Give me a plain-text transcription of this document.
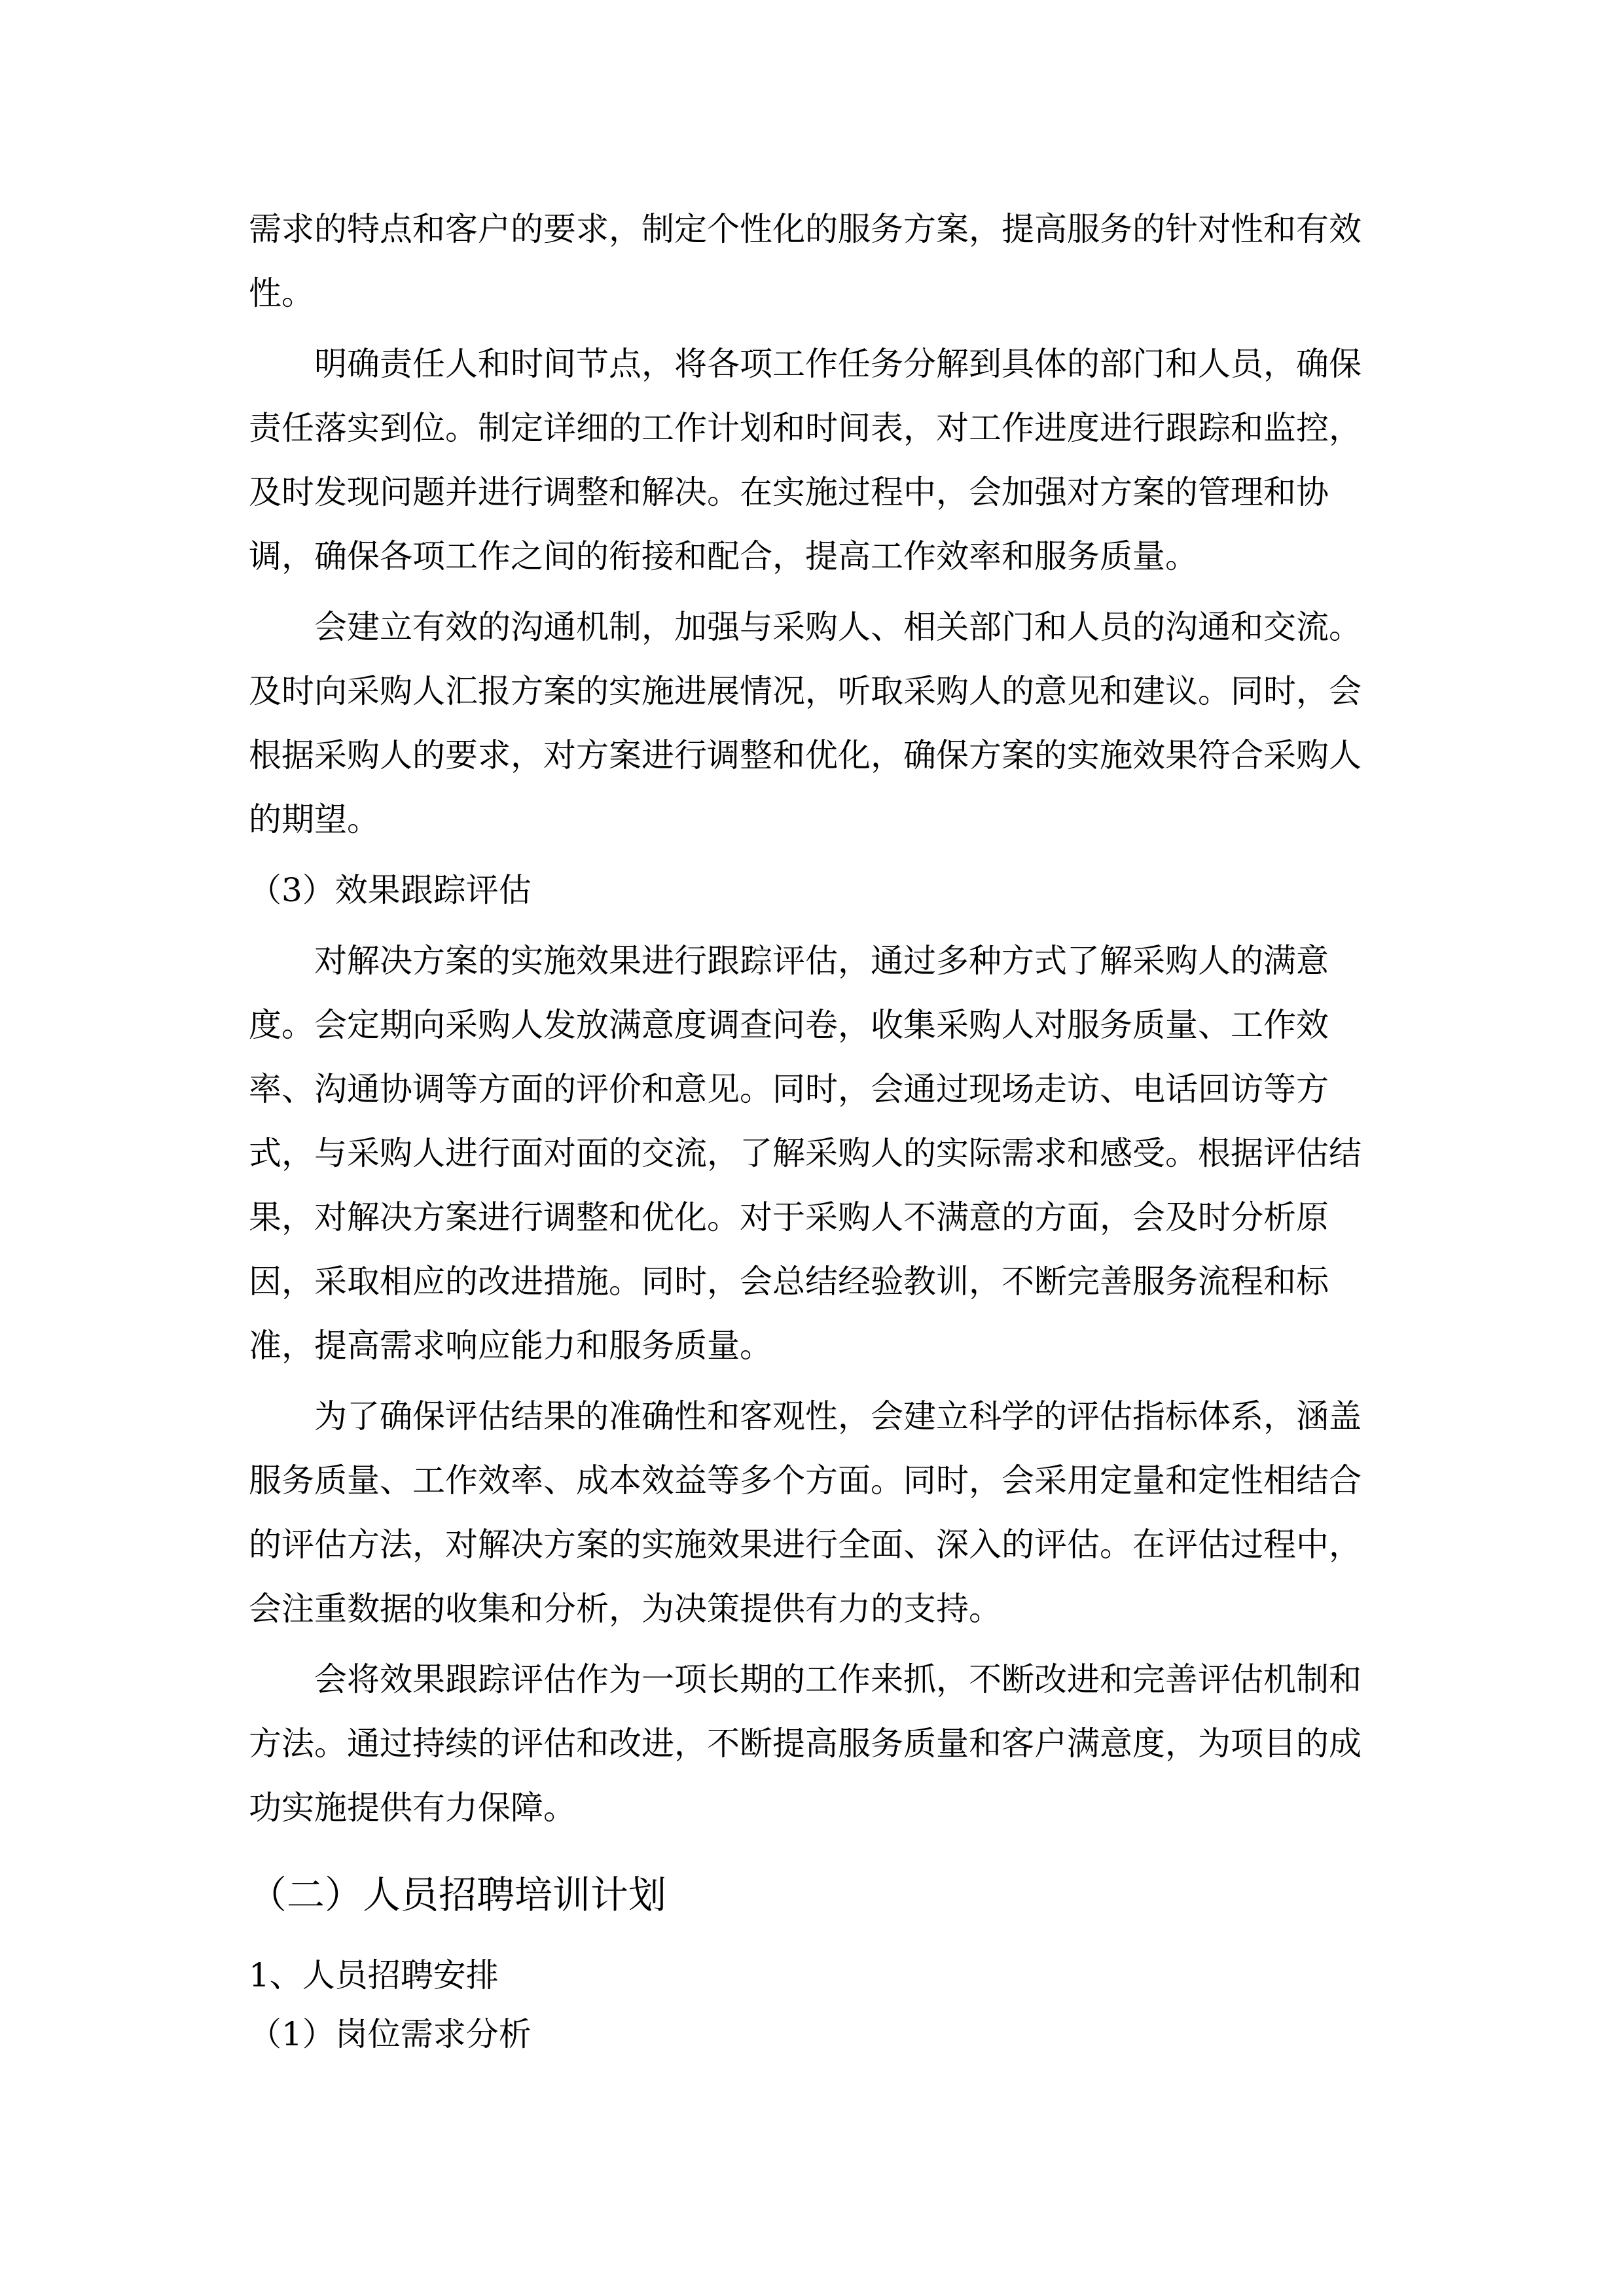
需求的特点和客户的要求，制定个性化的服务方案，提高服务的针对性和有效
性。
明确责任人和时间节点，将各项工作任务分解到具体的部门和人员，确保
责任落实到位。制定详细的工作计划和时间表，对工作进度进行跟踪和监控，
及时发现问题并进行调整和解决。在实施过程中，会加强对方案的管理和协
调，确保各项工作之间的衔接和配合，提高工作效率和服务质量。
会建立有效的沟通机制，加强与采购人、相关部门和人员的沟通和交流。
及时向采购人汇报方案的实施进展情况，听取采购人的意见和建议。同时，会
根据采购人的要求，对方案进行调整和优化，确保方案的实施效果符合采购人
的期望。
（3）效果跟踪评估
对解决方案的实施效果进行跟踪评估，通过多种方式了解采购人的满意
度。会定期向采购人发放满意度调查问卷，收集采购人对服务质量、工作效
率、沟通协调等方面的评价和意见。同时，会通过现场走访、电话回访等方
式，与采购人进行面对面的交流，了解采购人的实际需求和感受。根据评估结
果，对解决方案进行调整和优化。对于采购人不满意的方面，会及时分析原
因，采取相应的改进措施。同时，会总结经验教训，不断完善服务流程和标
准，提高需求响应能力和服务质量。
为了确保评估结果的准确性和客观性，会建立科学的评估指标体系，涵盖
服务质量、工作效率、成本效益等多个方面。同时，会采用定量和定性相结合
的评估方法，对解决方案的实施效果进行全面、深入的评估。在评估过程中，
会注重数据的收集和分析，为决策提供有力的支持。
会将效果跟踪评估作为一项长期的工作来抓，不断改进和完善评估机制和
方法。通过持续的评估和改进，不断提高服务质量和客户满意度，为项目的成
功实施提供有力保障。
（二）人员招聘培训计划
1、人员招聘安排
（1）岗位需求分析
